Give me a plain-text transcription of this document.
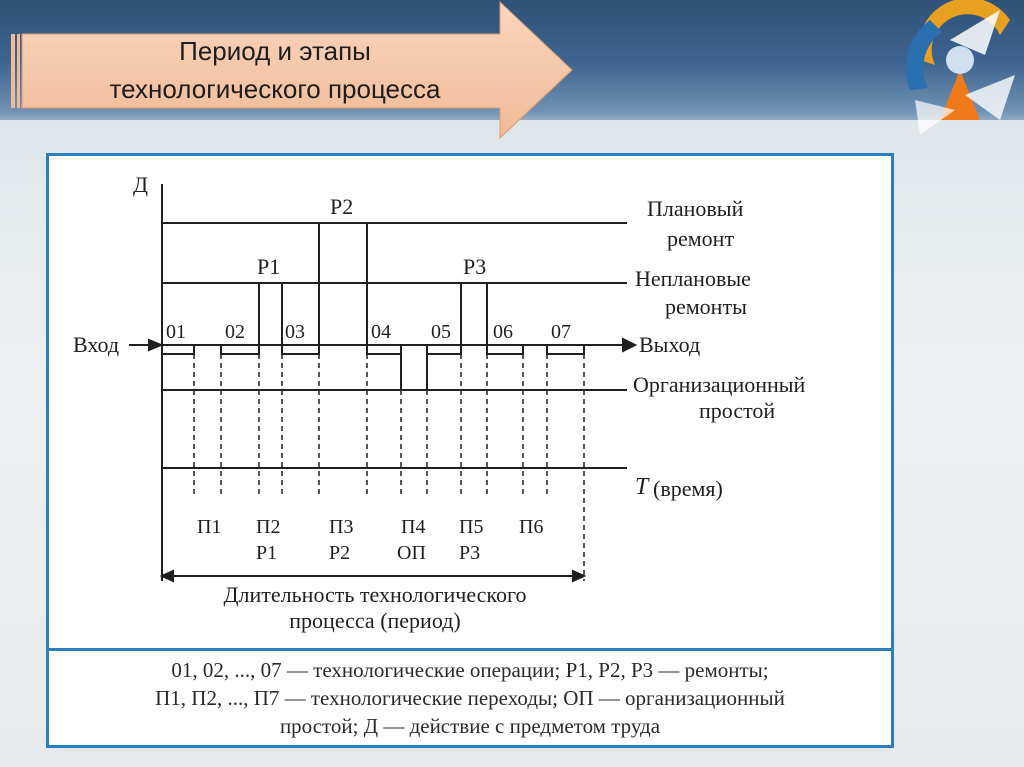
Период и этапы
технологического процесса
Д
Вход
Р2
Р1	Р3
01 02 03	04 05 06 07
Плановый
ремонт
Неплановые
ремонты
Выход
Организационный
простой
T (время)
П1 П2
Р1
П3
Р2
П4
ОП
П5
Р3
П6
Длительность технологического
процесса (период)
01, 02, ..., 07 — технологические операции; Р1, Р2, Р3 — ремонты;
П1, П2, ..., П7 — технологические переходы; ОП — организационный
простой; Д — действие с предметом труда
